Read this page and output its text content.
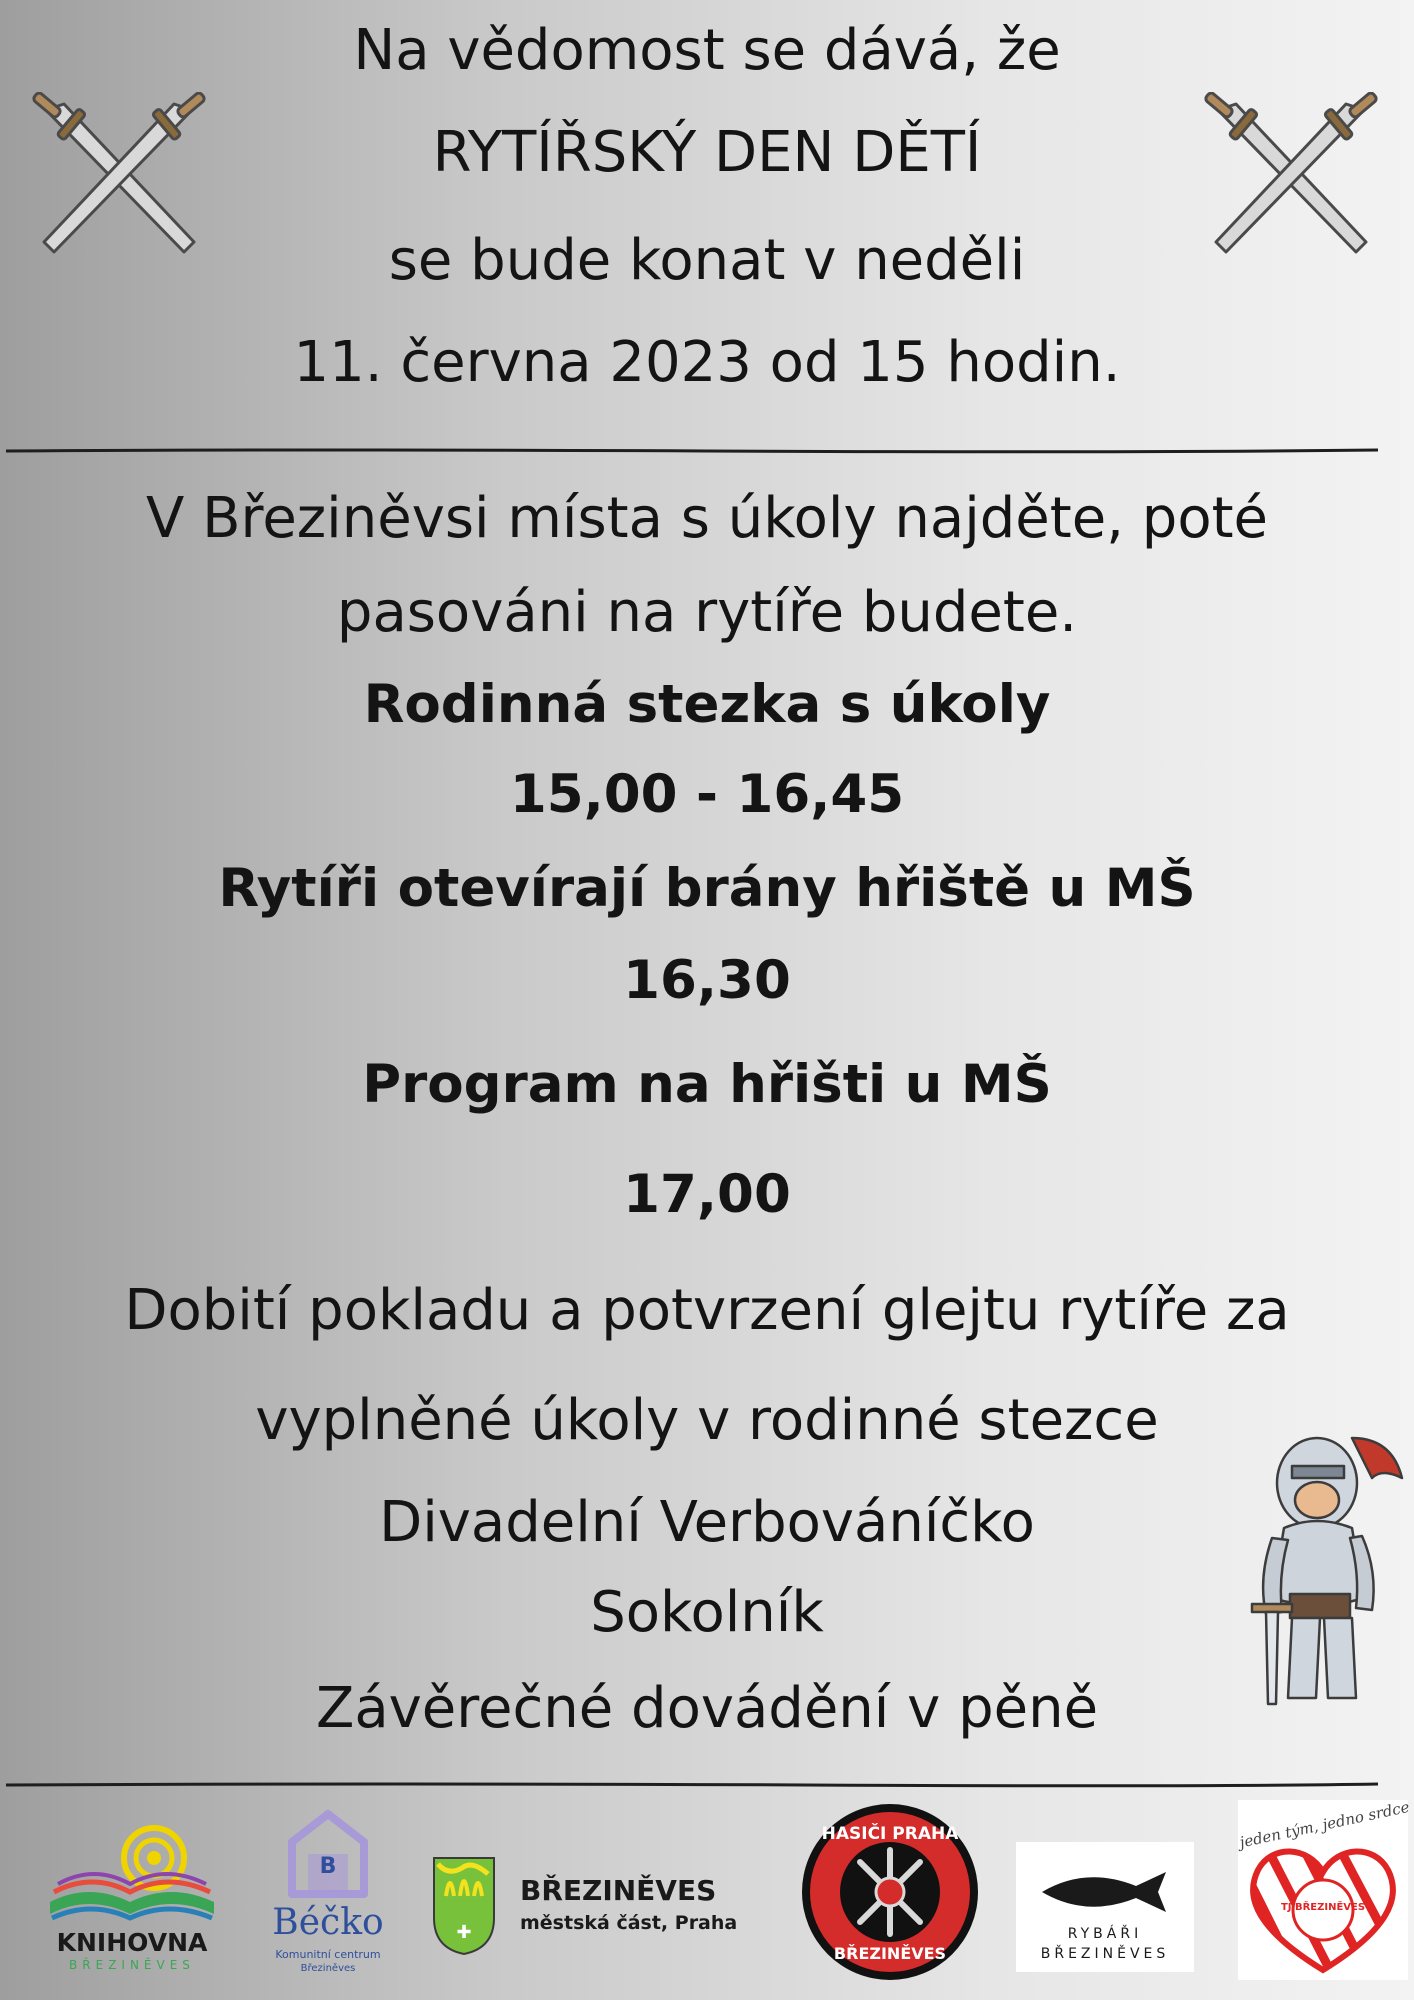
Na vědomost se dává, že
RYTÍŘSKÝ DEN DĚTÍ
se bude konat v neděli
11. června 2023 od 15 hodin.
V Březiněvsi místa s úkoly najděte, poté
pasováni na rytíře budete.
Rodinná stezka s úkoly
15,00 - 16,45
Rytíři otevírají brány hřiště u MŠ
16,30
Program na hřišti u MŠ
17,00
Dobití pokladu a potvrzení glejtu rytíře za
vyplněné úkoly v rodinné stezce
Divadelní Verbováníčko
Sokolník
Závěrečné dovádění v pěně
KNIHOVNA
BŘEZINĚVES
B
Béčko
Komunitní centrum
Březiněves
✚
BŘEZINĚVES
městská část, Praha
HASIČI PRAHA
BŘEZINĚVES
RYBÁŘI
BŘEZINĚVES
jeden tým, jedno srdce
TJ BŘEZINĚVES
